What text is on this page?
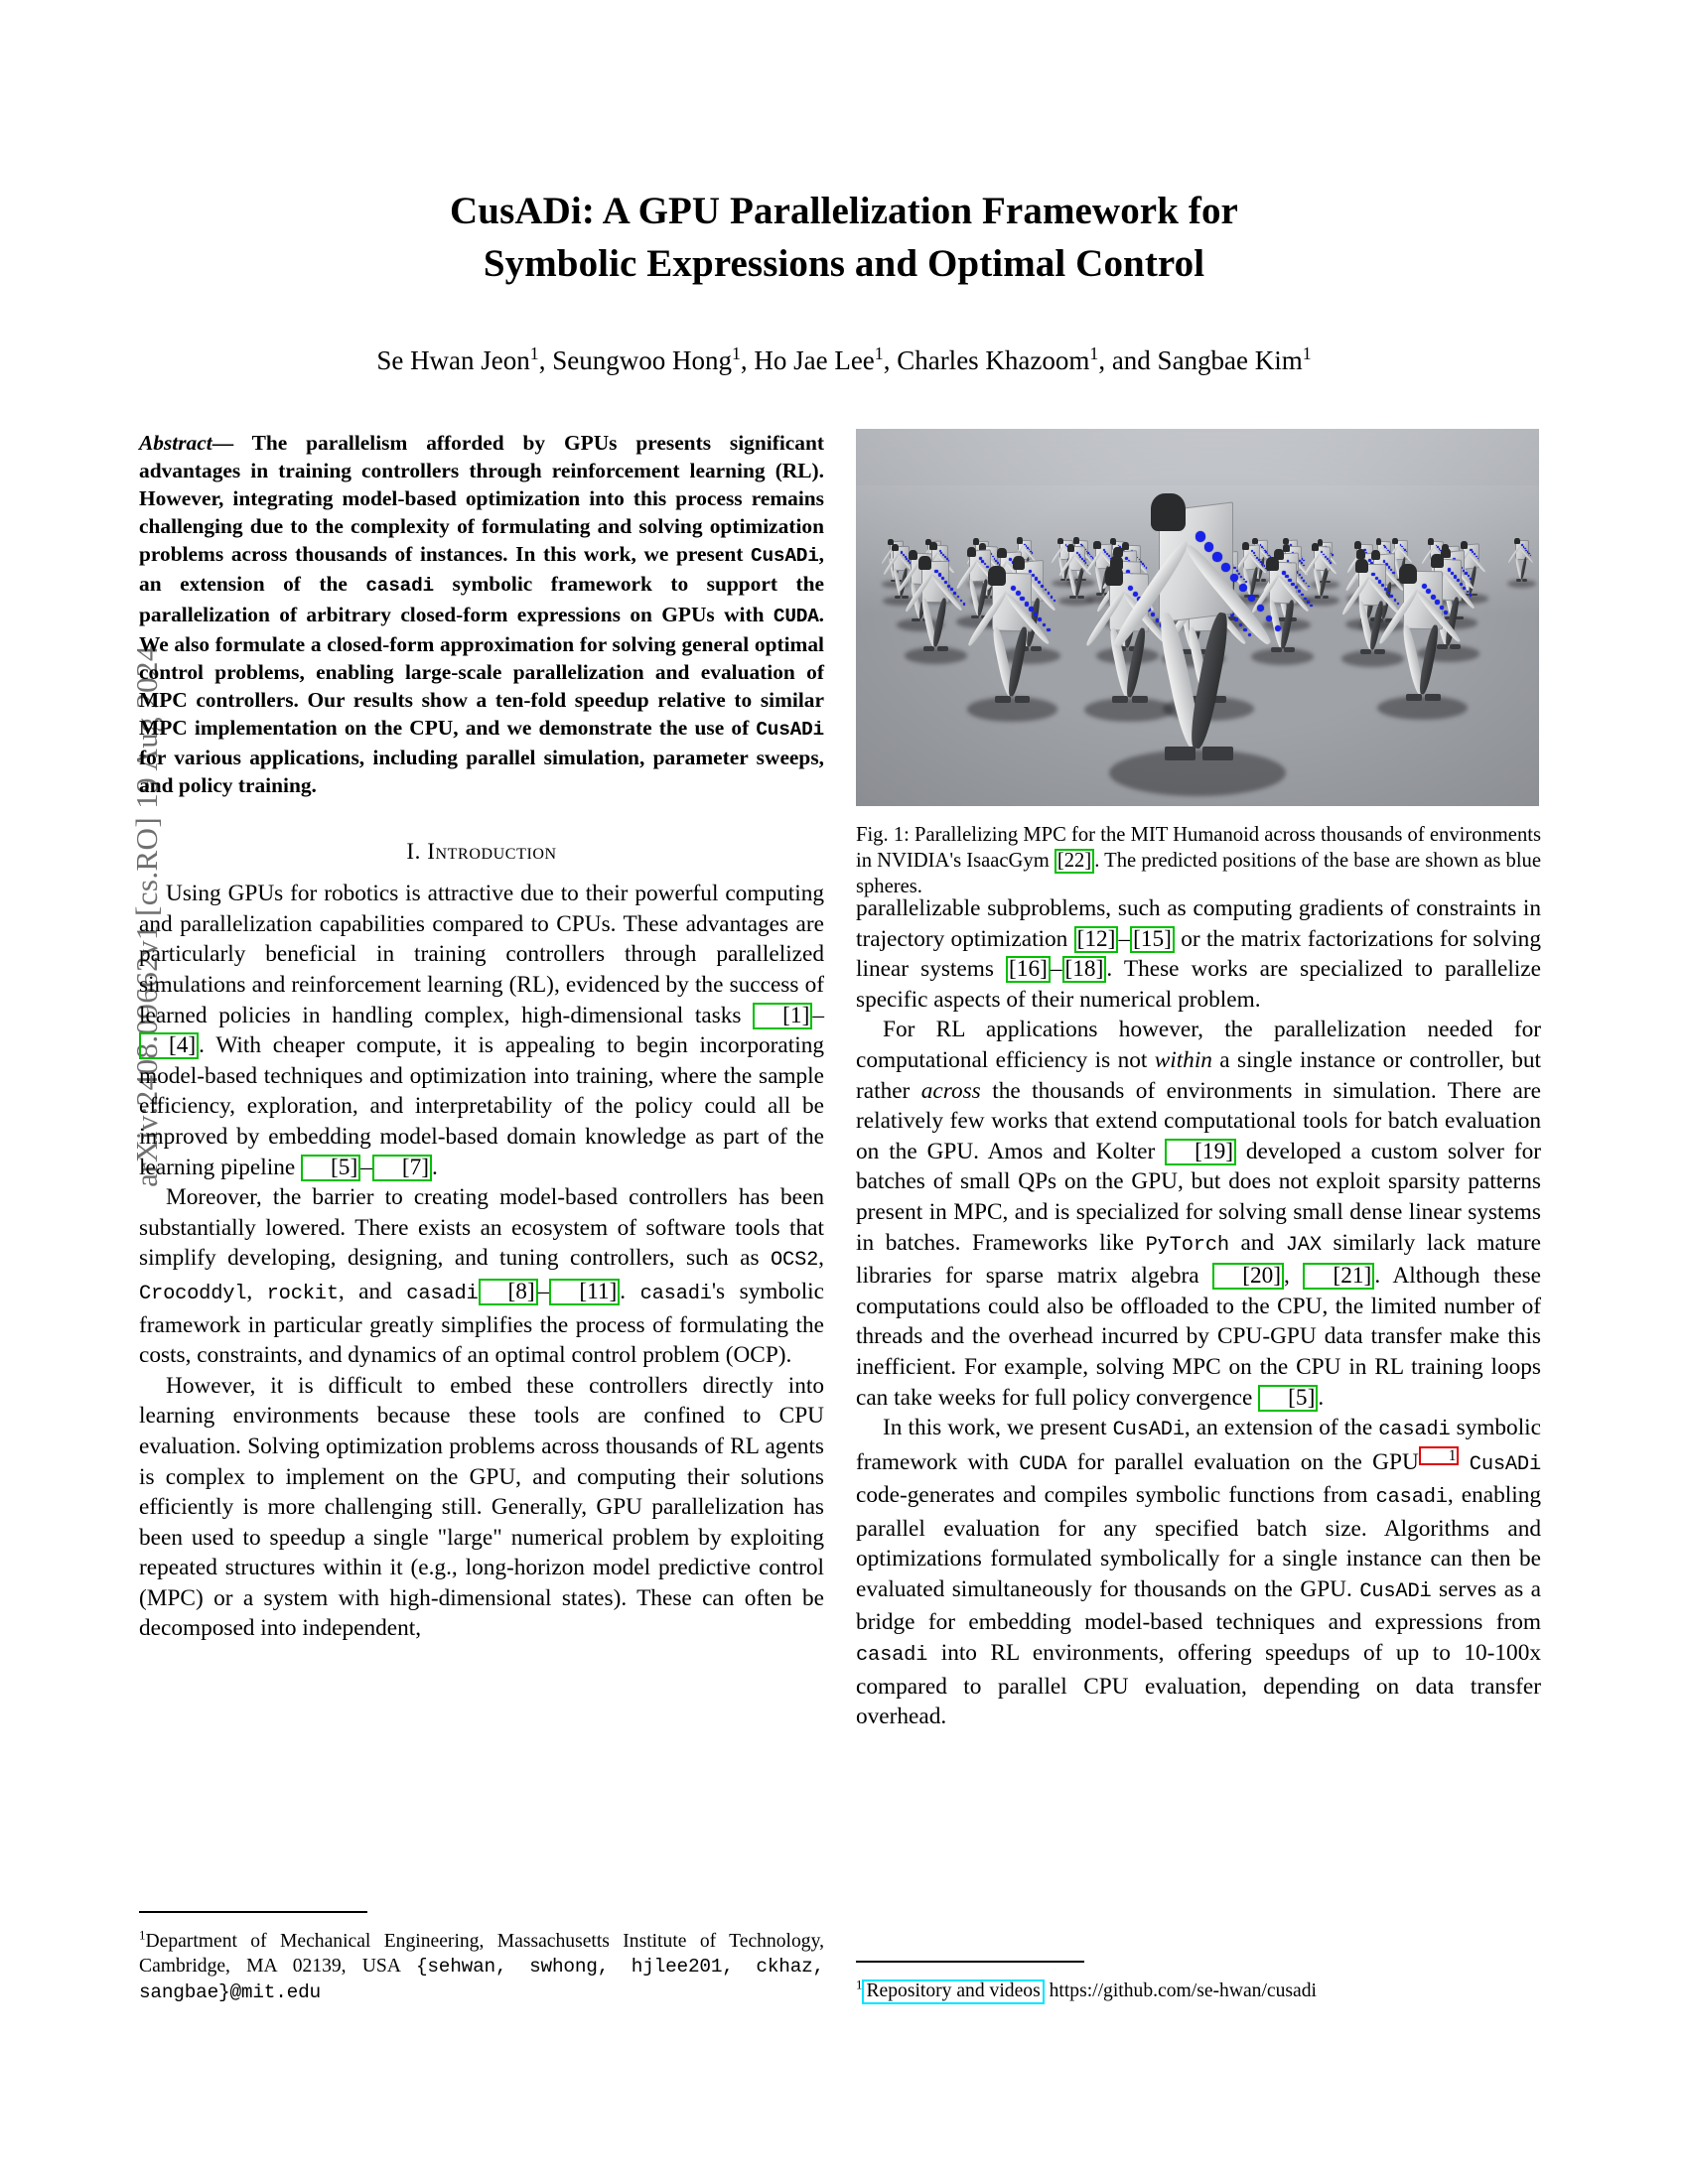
arXiv:2408.09662v1 [cs.RO] 19 Aug 2024
CusADi: A GPU Parallelization Framework for
Symbolic Expressions and Optimal Control
Se Hwan Jeon$^1$, Seungwoo Hong$^1$, Ho Jae Lee$^1$, Charles Khazoom$^1$, and Sangbae Kim$^1$
Abstract— The parallelism afforded by GPUs presents significant advantages in training controllers through reinforcement learning (RL). However, integrating model-based optimization into this process remains challenging due to the complexity of formulating and solving optimization problems across thousands of instances. In this work, we present CusADi, an extension of the casadi symbolic framework to support the parallelization of arbitrary closed-form expressions on GPUs with CUDA. We also formulate a closed-form approximation for solving general optimal control problems, enabling large-scale parallelization and evaluation of MPC controllers. Our results show a ten-fold speedup relative to similar MPC implementation on the CPU, and we demonstrate the use of CusADi for various applications, including parallel simulation, parameter sweeps, and policy training.
I. Introduction

Using GPUs for robotics is attractive due to their powerful computing and parallelization capabilities compared to CPUs. These advantages are particularly beneficial in training controllers through parallelized simulations and reinforcement learning (RL), evidenced by the success of learned policies in handling complex, high-dimensional tasks [1] –[4] . With cheaper compute, it is appealing to begin incorporating model-based techniques and optimization into training, where the sample efficiency, exploration, and interpretability of the policy could all be improved by embedding model-based domain knowledge as part of the learning pipeline [5] – [7] .

Moreover, the barrier to creating model-based controllers has been substantially lowered. There exists an ecosystem of software tools that simplify developing, designing, and tuning controllers, such as OCS2, Crocoddyl, rockit, and casadi [8] – [11] . casadi's symbolic framework in particular greatly simplifies the process of formulating the costs, constraints, and dynamics of an optimal control problem (OCP).

However, it is difficult to embed these controllers directly into learning environments because these tools are confined to CPU evaluation. Solving optimization problems across thousands of RL agents is complex to implement on the GPU, and computing their solutions efficiently is more challenging still. Generally, GPU parallelization has been used to speedup a single "large" numerical problem by exploiting repeated structures within it (e.g., long-horizon model predictive control (MPC) or a system with high-dimensional states). These can often be decomposed into independent,

Fig. 1: Parallelizing MPC for the MIT Humanoid across thousands of environments in NVIDIA's IsaacGym [22] . The predicted positions of the base are shown as blue spheres.

parallelizable subproblems, such as computing gradients of constraints in trajectory optimization [12] – [15] or the matrix factorizations for solving linear systems [16] – [18] . These works are specialized to parallelize specific aspects of their numerical problem.

For RL applications however, the parallelization needed for computational efficiency is not within a single instance or controller, but rather across the thousands of environments in simulation. There are relatively few works that extend computational tools for batch evaluation on the GPU. Amos and Kolter [19] developed a custom solver for batches of small QPs on the GPU, but does not exploit sparsity patterns present in MPC, and is specialized for solving small dense linear systems in batches. Frameworks like PyTorch and JAX similarly lack mature libraries for sparse matrix algebra [20] , [21] . Although these computations could also be offloaded to the CPU, the limited number of threads and the overhead incurred by CPU-GPU data transfer make this inefficient. For example, solving MPC on the CPU in RL training loops can take weeks for full policy convergence [5] .

In this work, we present CusADi, an extension of the casadi symbolic framework with CUDA for parallel evaluation on the GPU 1 CusADi code-generates and compiles symbolic functions from casadi, enabling parallel evaluation for any specified batch size. Algorithms and optimizations formulated symbolically for a single instance can then be evaluated simultaneously for thousands on the GPU. CusADi serves as a bridge for embedding model-based techniques and expressions from casadi into RL environments, offering speedups of up to 10-100x compared to parallel CPU evaluation, depending on data transfer overhead.

$^1$Department of Mechanical Engineering, Massachusetts Institute of Technology, Cambridge, MA 02139, USA {sehwan, swhong, hjlee201, ckhaz, sangbae}@mit.edu	$^1$ Repository and videos https://github.com/se-hwan/cusadi
